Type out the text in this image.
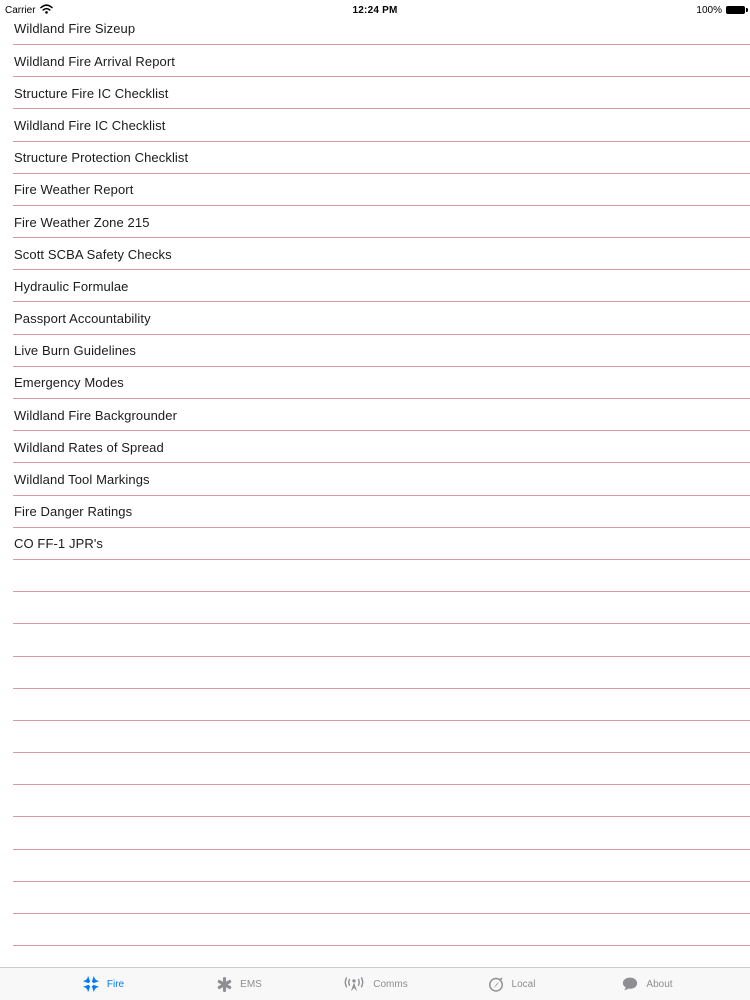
Carrier	12:24 PM	100%
Wildland Fire Sizeup
Wildland Fire Arrival Report
Structure Fire IC Checklist
Wildland Fire IC Checklist
Structure Protection Checklist
Fire Weather Report
Fire Weather Zone 215
Scott SCBA Safety Checks
Hydraulic Formulae
Passport Accountability
Live Burn Guidelines
Emergency Modes
Wildland Fire Backgrounder
Wildland Rates of Spread
Wildland Tool Markings
Fire Danger Ratings
CO FF-1 JPR's
Fire	EMS	Comms	Local	About
